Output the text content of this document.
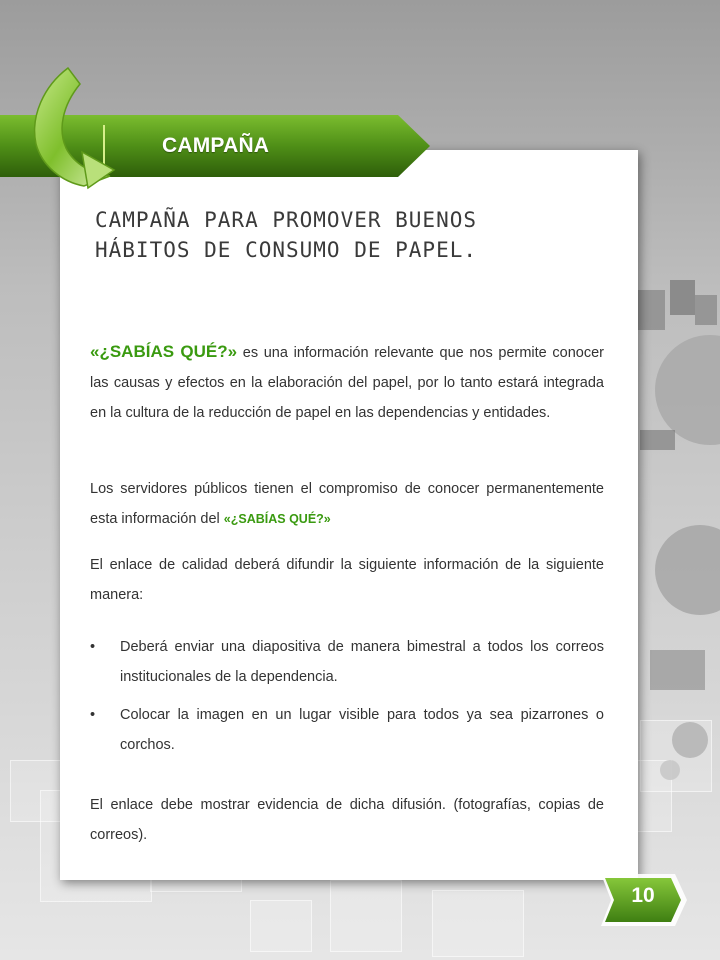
CAMPAÑA
CAMPAÑA PARA PROMOVER BUENOS
HÁBITOS DE CONSUMO DE PAPEL.
«¿SABÍAS QUÉ?» es una información relevante que nos permite conocer las causas y efectos en la elaboración del papel, por lo tanto estará integrada en la cultura de la reducción de papel en las dependencias y entidades.
Los servidores públicos tienen el compromiso de conocer permanentemente esta información del «¿SABÍAS QUÉ?»
El enlace de calidad deberá difundir la siguiente información de la siguiente manera:
•	Deberá enviar una diapositiva de manera bimestral a todos los correos institucionales de la dependencia.
•	Colocar la imagen en un lugar visible para todos ya sea pizarrones o corchos.
El enlace debe mostrar evidencia de dicha difusión. (fotografías, copias de correos).
10
